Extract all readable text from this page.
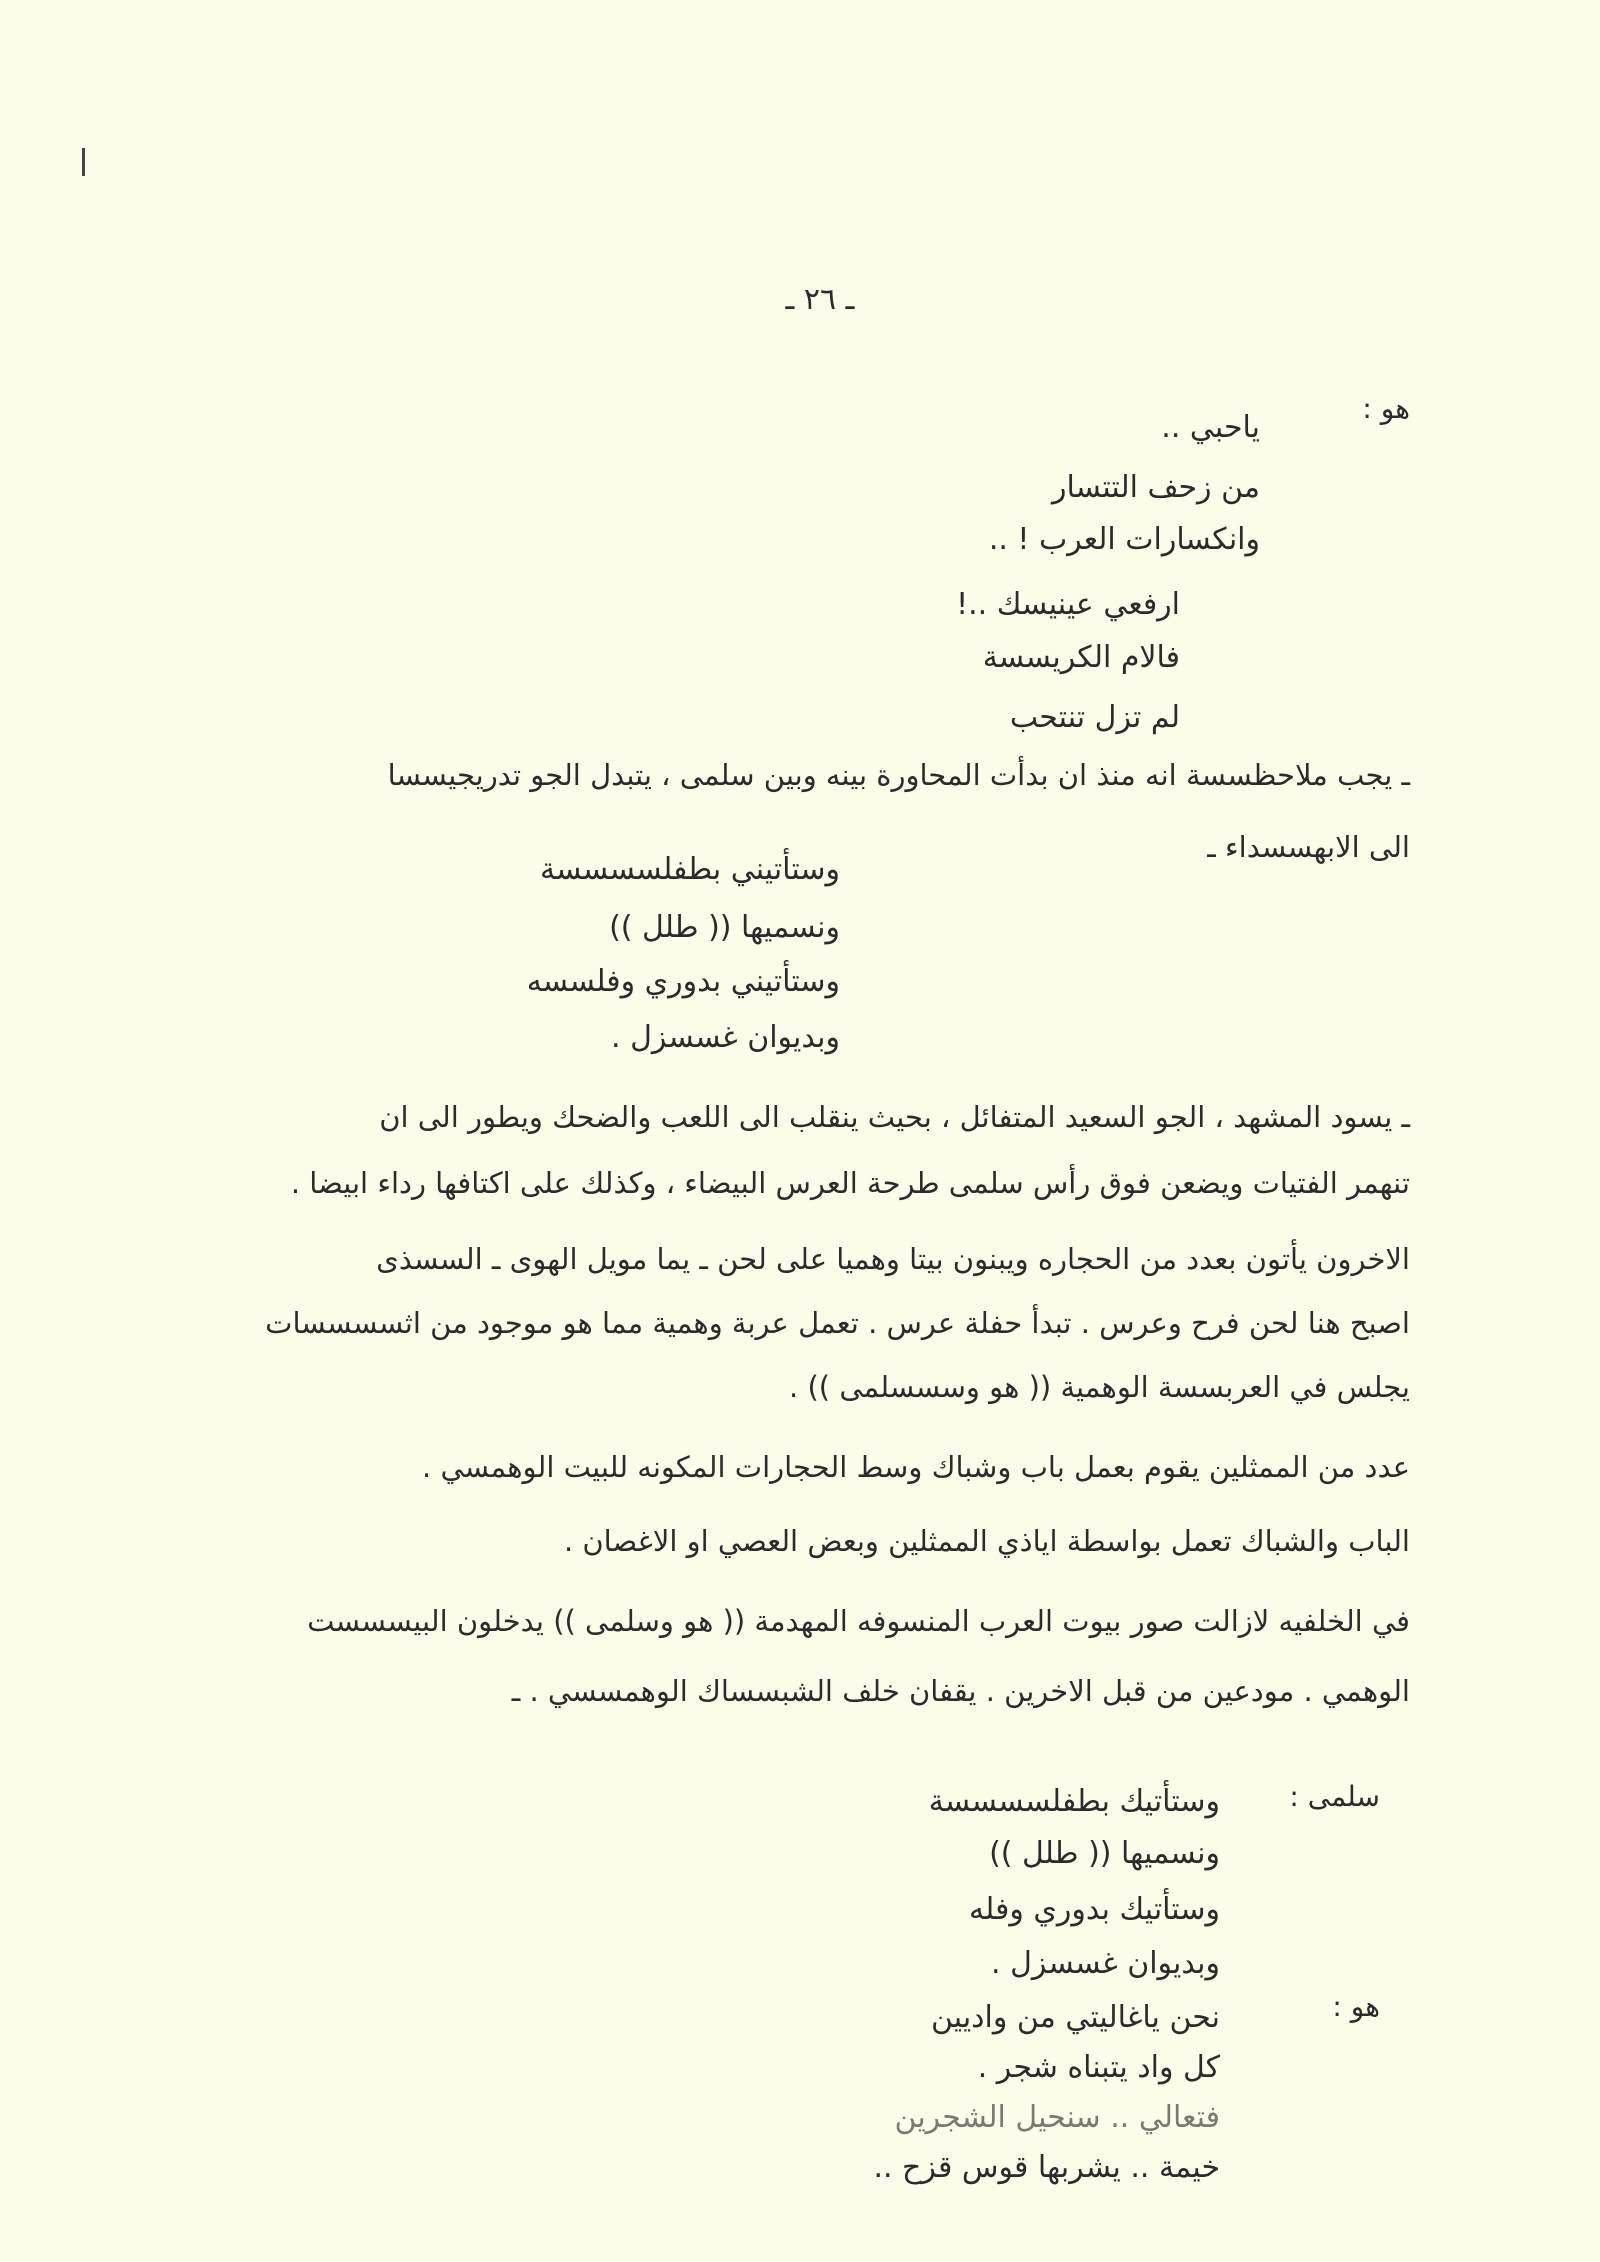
ـ ٢٦ ـ
هو :
ياحبي ..
من زحف التتسار
وانكسارات العرب ! ..
ارفعي عينيسك ..!
فالام الكريسسة
لم تزل تنتحب
ـ يجب ملاحظسسة انه منذ ان بدأت المحاورة بينه وبين سلمى ، يتبدل الجو تدريجيسسا
الى الابهسسداء ـ
وستأتيني بطفلسسسسة
ونسميها (( طلل ))
وستأتيني بدوري وفلسسه
وبديوان غسسزل .
ـ يسود المشهد ، الجو السعيد المتفائل ، بحيث ينقلب الى اللعب والضحك ويطور الى ان
تنهمر الفتيات ويضعن فوق رأس سلمى طرحة العرس البيضاء ، وكذلك على اكتافها رداء ابيضا .
الاخرون يأتون بعدد من الحجاره ويبنون بيتا وهميا على لحن ـ يما مويل الهوى ـ السسذى
اصبح هنا لحن فرح وعرس . تبدأ حفلة عرس . تعمل عربة وهمية مما هو موجود من اثسسسسات
يجلس في العربسسة الوهمية (( هو وسسسلمى )) .
عدد من الممثلين يقوم بعمل باب وشباك وسط الحجارات المكونه للبيت الوهمسي .
الباب والشباك تعمل بواسطة اياذي الممثلين وبعض العصي او الاغصان .
في الخلفيه لازالت صور بيوت العرب المنسوفه المهدمة (( هو وسلمى )) يدخلون البيسسست
الوهمي . مودعين من قبل الاخرين . يقفان خلف الشبسساك الوهمسسي . ـ
سلمى :
وستأتيك بطفلسسسسة
ونسميها (( طلل ))
وستأتيك بدوري وفله
وبديوان غسسزل .
هو :
نحن ياغاليتي من واديين
كل واد يتبناه شجر .
فتعالي .. سنحيل الشجرين
خيمة .. يشربها قوس قزح ..
